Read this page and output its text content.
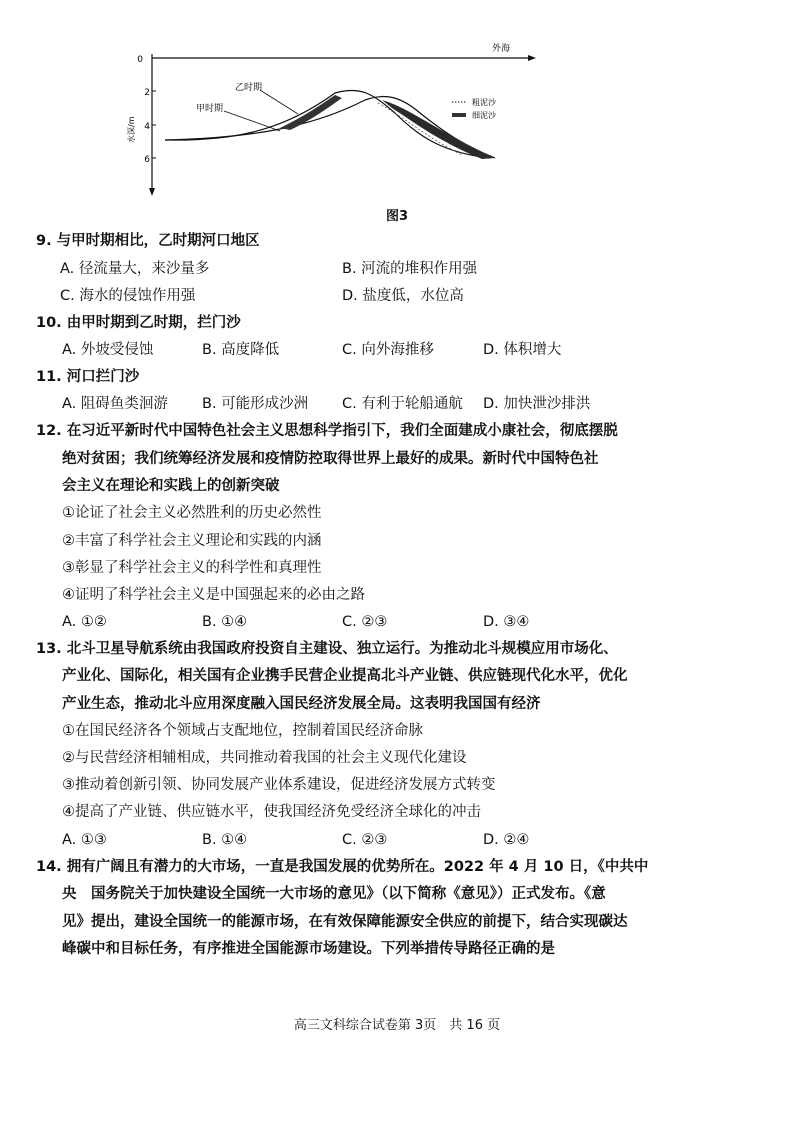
0
2
4
6
水深/m
外海
乙时期
甲时期
粗泥沙
细泥沙
图3
9. 与甲时期相比，乙时期河口地区
A. 径流量大，来沙量多	B. 河流的堆积作用强
C. 海水的侵蚀作用强	D. 盐度低，水位高
10. 由甲时期到乙时期，拦门沙
A. 外坡受侵蚀	B. 高度降低	C. 向外海推移	D. 体积增大
11. 河口拦门沙
A. 阻碍鱼类洄游 B. 可能形成沙洲 C. 有利于轮船通航 D. 加快泄沙排洪
12. 在习近平新时代中国特色社会主义思想科学指引下，我们全面建成小康社会，彻底摆脱
绝对贫困；我们统筹经济发展和疫情防控取得世界上最好的成果。新时代中国特色社
会主义在理论和实践上的创新突破
①论证了社会主义必然胜利的历史必然性
②丰富了科学社会主义理论和实践的内涵
③彰显了科学社会主义的科学性和真理性
④证明了科学社会主义是中国强起来的必由之路
A. ①②	B. ①④	C. ②③	D. ③④
13. 北斗卫星导航系统由我国政府投资自主建设、独立运行。为推动北斗规模应用市场化、
产业化、国际化，相关国有企业携手民营企业提高北斗产业链、供应链现代化水平，优化
产业生态，推动北斗应用深度融入国民经济发展全局。这表明我国国有经济
①在国民经济各个领域占支配地位，控制着国民经济命脉
②与民营经济相辅相成，共同推动着我国的社会主义现代化建设
③推动着创新引领、协同发展产业体系建设，促进经济发展方式转变
④提高了产业链、供应链水平，使我国经济免受经济全球化的冲击
A. ①③	B. ①④	C. ②③	D. ②④
14. 拥有广阔且有潜力的大市场，一直是我国发展的优势所在。2022 年 4 月 10 日，《中共中
央　国务院关于加快建设全国统一大市场的意见》（以下简称《意见》）正式发布。《意
见》提出，建设全国统一的能源市场，在有效保障能源安全供应的前提下，结合实现碳达
峰碳中和目标任务，有序推进全国能源市场建设。下列举措传导路径正确的是
高三文科综合试卷第 3页　共 16 页
